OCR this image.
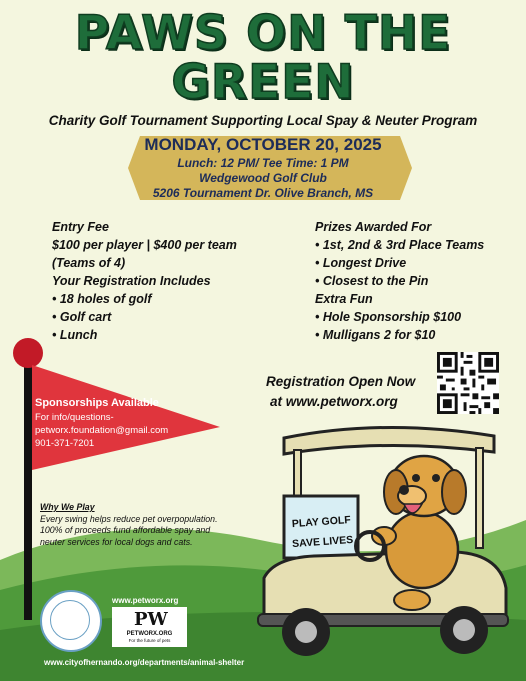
PAWS ON THE
GREEN
Charity Golf Tournament Supporting Local Spay & Neuter Program
MONDAY, OCTOBER 20, 2025
Lunch: 12 PM/ Tee Time: 1 PM
Wedgewood Golf Club
5206 Tournament Dr. Olive Branch, MS
Entry Fee
$100 per player | $400 per team
(Teams of 4)
Your Registration Includes
• 18 holes of golf
• Golf cart
• Lunch
Prizes Awarded For
• 1st, 2nd & 3rd Place Teams
• Longest Drive
• Closest to the Pin
Extra Fun
• Hole Sponsorship $100
• Mulligans 2 for $10
Registration Open Now
at www.petworx.org
Sponsorships Available
For info/questions-
petworx.foundation@gmail.com
901-371-7201
Why We Play
Every swing helps reduce pet overpopulation.
100% of proceeds fund affordable spay and neuter services for local dogs and cats.
PLAY GOLF
SAVE LIVES
www.petworx.org
PW
PETWORX.ORG
For the future of pets
www.cityofhernando.org/departments/animal-shelter
